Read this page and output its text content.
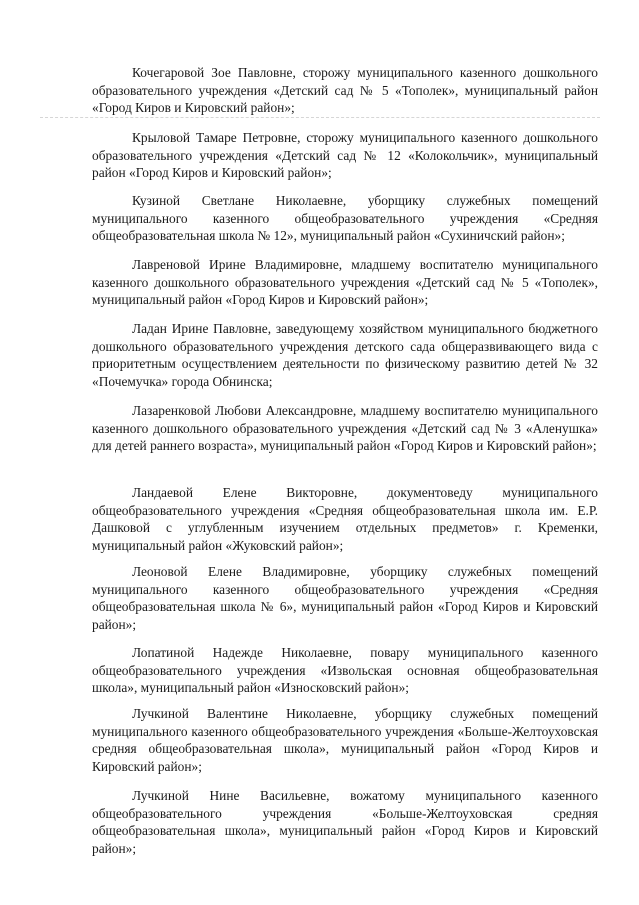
Кочегаровой Зое Павловне, сторожу муниципального казенного дошкольного образовательного учреждения «Детский сад № 5 «Тополек», муниципальный район «Город Киров и Кировский район»;

Крыловой Тамаре Петровне, сторожу муниципального казенного дошкольного образовательного учреждения «Детский сад № 12 «Колокольчик», муниципальный район «Город Киров и Кировский район»;

Кузиной Светлане Николаевне, уборщику служебных помещений муниципального казенного общеобразовательного учреждения «Средняя общеобразовательная школа № 12», муниципальный район «Сухиничский район»;

Лавреновой Ирине Владимировне, младшему воспитателю муниципального казенного дошкольного образовательного учреждения «Детский сад № 5 «Тополек», муниципальный район «Город Киров и Кировский район»;

Ладан Ирине Павловне, заведующему хозяйством муниципального бюджетного дошкольного образовательного учреждения детского сада общеразвивающего вида с приоритетным осуществлением деятельности по физическому развитию детей № 32 «Почемучка» города Обнинска;

Лазаренковой Любови Александровне, младшему воспитателю муниципального казенного дошкольного образовательного учреждения «Детский сад № 3 «Аленушка» для детей раннего возраста», муниципальный район «Город Киров и Кировский район»;

Ландаевой Елене Викторовне, документоведу муниципального общеобразовательного учреждения «Средняя общеобразовательная школа им. Е.Р. Дашковой с углубленным изучением отдельных предметов» г. Кременки, муниципальный район «Жуковский район»;

Леоновой Елене Владимировне, уборщику служебных помещений муниципального казенного общеобразовательного учреждения «Средняя общеобразовательная школа № 6», муниципальный район «Город Киров и Кировский район»;

Лопатиной Надежде Николаевне, повару муниципального казенного общеобразовательного учреждения «Извольская основная общеобразовательная школа», муниципальный район «Износковский район»;

Лучкиной Валентине Николаевне, уборщику служебных помещений муниципального казенного общеобразовательного учреждения «Больше-Желтоуховская средняя общеобразовательная школа», муниципальный район «Город Киров и Кировский район»;

Лучкиной Нине Васильевне, вожатому муниципального казенного общеобразовательного учреждения «Больше-Желтоуховская средняя общеобразовательная школа», муниципальный район «Город Киров и Кировский район»;
